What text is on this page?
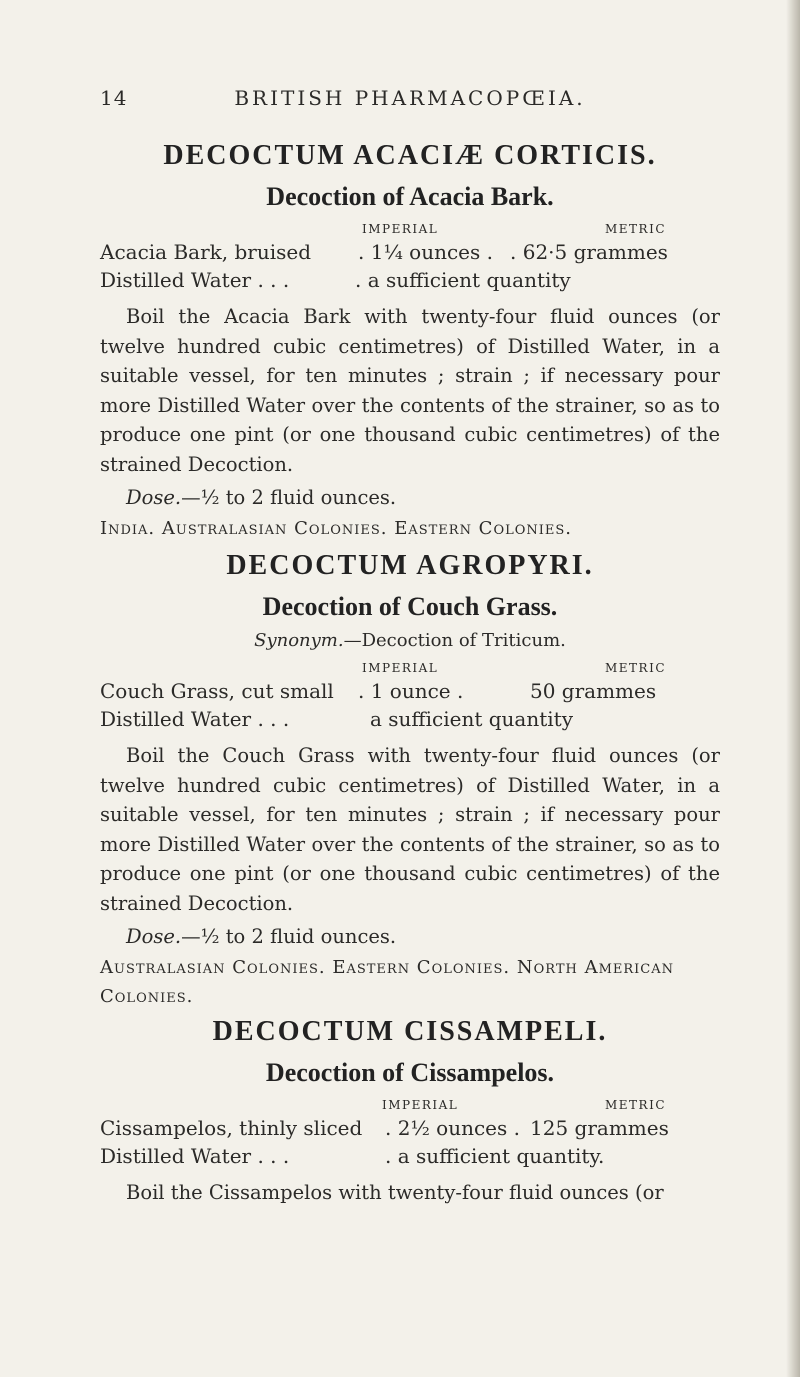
14	BRITISH PHARMACOPŒIA.
DECOCTUM ACACIÆ CORTICIS.
Decoction of Acacia Bark.
IMPERIAL	METRIC
Acacia Bark, bruised . 1¼ ounces . . 62·5 grammes
Distilled Water . . .	. a sufficient quantity

Boil the Acacia Bark with twenty-four fluid ounces (or twelve hundred cubic centimetres) of Distilled Water, in a suitable vessel, for ten minutes ; strain ; if necessary pour more Distilled Water over the contents of the strainer, so as to produce one pint (or one thousand cubic centimetres) of the strained Decoction.

Dose.—½ to 2 fluid ounces.
India. Australasian Colonies. Eastern Colonies.
DECOCTUM AGROPYRI.
Decoction of Couch Grass.
Synonym.—Decoction of Triticum.
IMPERIAL	METRIC
Couch Grass, cut small . 1 ounce .	50 grammes
Distilled Water . . .	a sufficient quantity

Boil the Couch Grass with twenty-four fluid ounces (or twelve hundred cubic centimetres) of Distilled Water, in a suitable vessel, for ten minutes ; strain ; if necessary pour more Distilled Water over the contents of the strainer, so as to produce one pint (or one thousand cubic centimetres) of the strained Decoction.

Dose.—½ to 2 fluid ounces.
Australasian Colonies. Eastern Colonies. North American Colonies.
DECOCTUM CISSAMPELI.
Decoction of Cissampelos.
IMPERIAL	METRIC
Cissampelos, thinly sliced . 2½ ounces . 125 grammes
Distilled Water . . .	. a sufficient quantity.

Boil the Cissampelos with twenty-four fluid ounces (or
